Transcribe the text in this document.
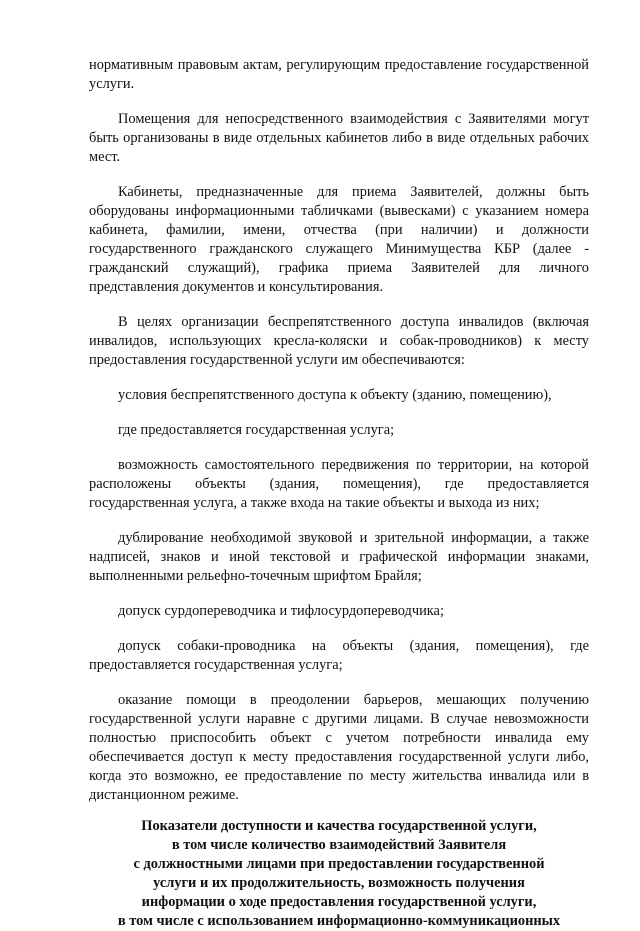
нормативным правовым актам, регулирующим предоставление государственной услуги.

Помещения для непосредственного взаимодействия с Заявителями могут быть организованы в виде отдельных кабинетов либо в виде отдельных рабочих мест.

Кабинеты, предназначенные для приема Заявителей, должны быть оборудованы информационными табличками (вывесками) с указанием номера кабинета, фамилии, имени, отчества (при наличии) и должности государственного гражданского служащего Минимущества КБР (далее - гражданский служащий), графика приема Заявителей для личного представления документов и консультирования.

В целях организации беспрепятственного доступа инвалидов (включая инвалидов, использующих кресла-коляски и собак-проводников) к месту предоставления государственной услуги им обеспечиваются:

условия беспрепятственного доступа к объекту (зданию, помещению),

где предоставляется государственная услуга;

возможность самостоятельного передвижения по территории, на которой расположены объекты (здания, помещения), где предоставляется государственная услуга, а также входа на такие объекты и выхода из них;

дублирование необходимой звуковой и зрительной информации, а также надписей, знаков и иной текстовой и графической информации знаками, выполненными рельефно-точечным шрифтом Брайля;

допуск сурдопереводчика и тифлосурдопереводчика;

допуск собаки-проводника на объекты (здания, помещения), где предоставляется государственная услуга;

оказание помощи в преодолении барьеров, мешающих получению государственной услуги наравне с другими лицами. В случае невозможности полностью приспособить объект с учетом потребности инвалида ему обеспечивается доступ к месту предоставления государственной услуги либо, когда это возможно, ее предоставление по месту жительства инвалида или в дистанционном режиме.

Показатели доступности и качества государственной услуги,
в том числе количество взаимодействий Заявителя
с должностными лицами при предоставлении государственной
услуги и их продолжительность, возможность получения
информации о ходе предоставления государственной услуги,
в том числе с использованием информационно-коммуникационных
